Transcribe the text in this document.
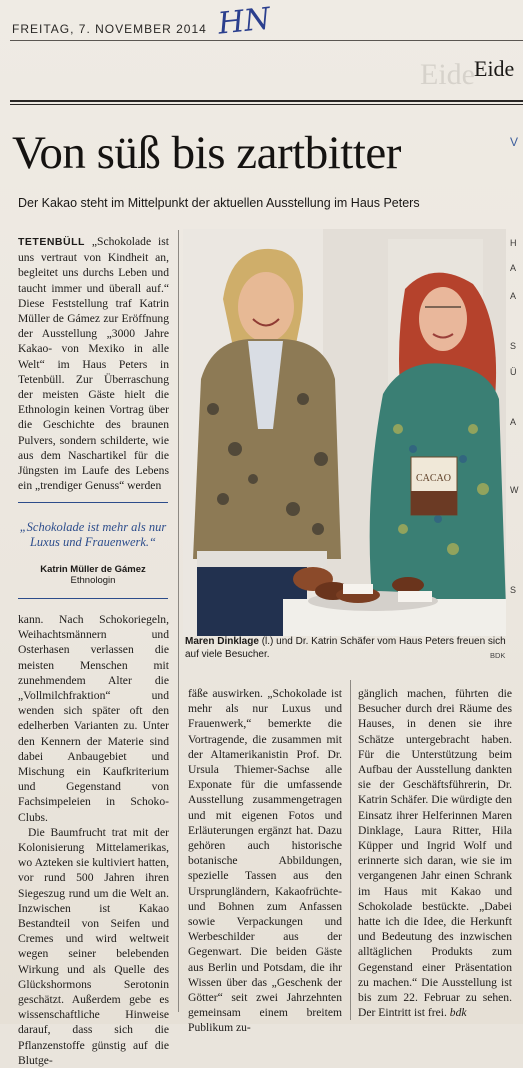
FREITAG, 7. NOVEMBER 2014 HN
Eide Eide
Von süß bis zartbitter
Der Kakao steht im Mittelpunkt der aktuellen Ausstellung im Haus Peters

TETENBÜLL „Schokolade ist uns vertraut von Kindheit an, begleitet uns durchs Leben und taucht immer und überall auf.“ Diese Feststellung traf Katrin Müller de Gámez zur Eröffnung der Ausstellung „3000 Jahre Kakao- von Mexiko in alle Welt“ im Haus Peters in Tetenbüll. Zur Überraschung der meisten Gäste hielt die Ethnologin keinen Vortrag über die Geschichte des braunen Pulvers, sondern schilderte, wie aus dem Naschartikel für die Jüngsten im Laufe des Lebens ein „trendiger Genuss“ werden

„Schokolade ist mehr als nur Luxus und Frauenwerk.“
Katrin Müller de Gámez
Ethnologin

kann. Nach Schokoriegeln, Weihachtsmännern und Osterhasen verlassen die meisten Menschen mit zunehmendem Alter die „Vollmilchfraktion“ und wenden sich später oft den edelherben Varianten zu. Unter den Kennern der Materie sind dabei Anbaugebiet und Mischung ein Kaufkriterium und Gegenstand von Fachsimpeleien in Schoko-Clubs.

Die Baumfrucht trat mit der Kolonisierung Mittelamerikas, wo Azteken sie kultiviert hatten, vor rund 500 Jahren ihren Siegeszug rund um die Welt an. Inzwischen ist Kakao Bestandteil von Seifen und Cremes und wird weltweit wegen seiner belebenden Wirkung und als Quelle des Glückshormons Serotonin geschätzt. Außerdem gebe es wissenschaftliche Hinweise darauf, dass sich die Pflanzenstoffe günstig auf die Blutge-

CACAO
Maren Dinklage (l.) und Dr. Katrin Schäfer vom Haus Peters freuen sich auf viele Besucher.	BDK

fäße auswirken. „Schokolade ist mehr als nur Luxus und Frauenwerk,“ bemerkte die Vortragende, die zusammen mit der Altamerikanistin Prof. Dr. Ursula Thiemer-Sachse alle Exponate für die umfassende Ausstellung zusammengetragen und mit eigenen Fotos und Erläuterungen ergänzt hat. Dazu gehören auch historische botanische Abbildungen, spezielle Tassen aus den Ursprungländern, Kakaofrüchte- und Bohnen zum Anfassen sowie Verpackungen und Werbeschilder aus der Gegenwart. Die beiden Gäste aus Berlin und Potsdam, die ihr Wissen über das „Geschenk der Götter“ seit zwei Jahrzehnten gemeinsam einem breitem Publikum zu-

gänglich machen, führten die Besucher durch drei Räume des Hauses, in denen sie ihre Schätze untergebracht haben. Für die Unterstützung beim Aufbau der Ausstellung dankten sie der Geschäftsführerin, Dr. Katrin Schäfer. Die würdigte den Einsatz ihrer Helferinnen Maren Dinklage, Laura Ritter, Hila Küpper und Ingrid Wolf und erinnerte sich daran, wie sie im vergangenen Jahr einen Schrank im Haus mit Kakao und Schokolade bestückte. „Dabei hatte ich die Idee, die Herkunft und Bedeutung des inzwischen alltäglichen Produkts zum Gegenstand einer Präsentation zu machen.“ Die Ausstellung ist bis zum 22. Februar zu sehen. Der Eintritt ist frei. bdk

V
H
A
A
S
Ü
A
W
S
